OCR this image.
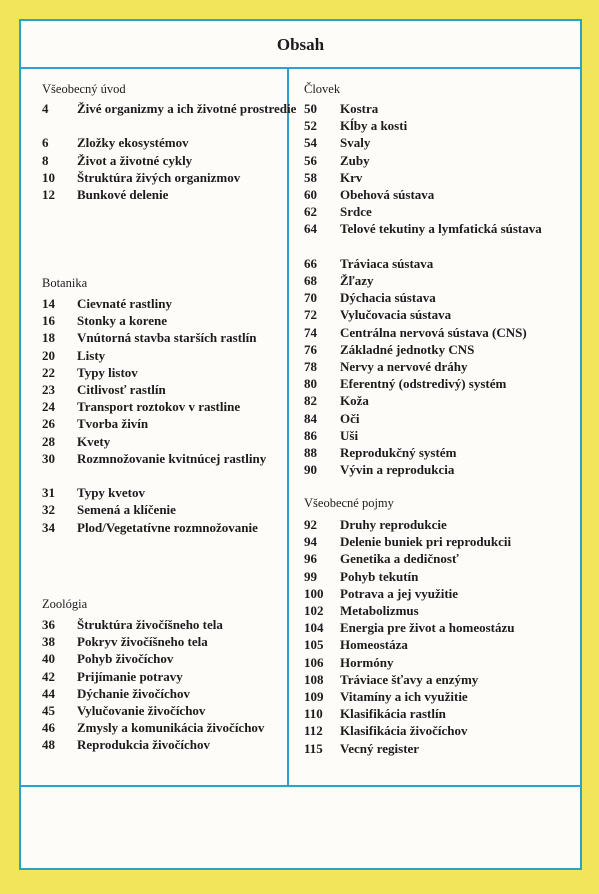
Obsah
Všeobecný úvod
Botanika
Zoológia
4 Živé organizmy a ich životné prostredie
6 Zložky ekosystémov
8 Život a životné cykly
10 Štruktúra živých organizmov
12 Bunkové delenie
14 Cievnaté rastliny
16 Stonky a korene
18 Vnútorná stavba starších rastlín
20 Listy
22 Typy listov
23 Citlivosť rastlín
24 Transport roztokov v rastline
26 Tvorba živín
28 Kvety
30 Rozmnožovanie kvitnúcej rastliny
31 Typy kvetov
32 Semená a klíčenie
34 Plod/Vegetatívne rozmnožovanie
36 Štruktúra živočíšneho tela
38 Pokryv živočíšneho tela
40 Pohyb živočíchov
42 Prijímanie potravy
44 Dýchanie živočíchov
45 Vylučovanie živočíchov
46 Zmysly a komunikácia živočíchov
48 Reprodukcia živočíchov
Človek
Všeobecné pojmy
50 Kostra
52 Kĺby a kosti
54 Svaly
56 Zuby
58 Krv
60 Obehová sústava
62 Srdce
64 Telové tekutiny a lymfatická sústava
66 Tráviaca sústava
68 Žľazy
70 Dýchacia sústava
72 Vylučovacia sústava
74 Centrálna nervová sústava (CNS)
76 Základné jednotky CNS
78 Nervy a nervové dráhy
80 Eferentný (odstredivý) systém
82 Koža
84 Oči
86 Uši
88 Reprodukčný systém
90 Vývin a reprodukcia
92 Druhy reprodukcie
94 Delenie buniek pri reprodukcii
96 Genetika a dedičnosť
99 Pohyb tekutín
100 Potrava a jej využitie
102 Metabolizmus
104 Energia pre život a homeostázu
105 Homeostáza
106 Hormóny
108 Tráviace šťavy a enzýmy
109 Vitamíny a ich využitie
110 Klasifikácia rastlín
112 Klasifikácia živočíchov
115 Vecný register
